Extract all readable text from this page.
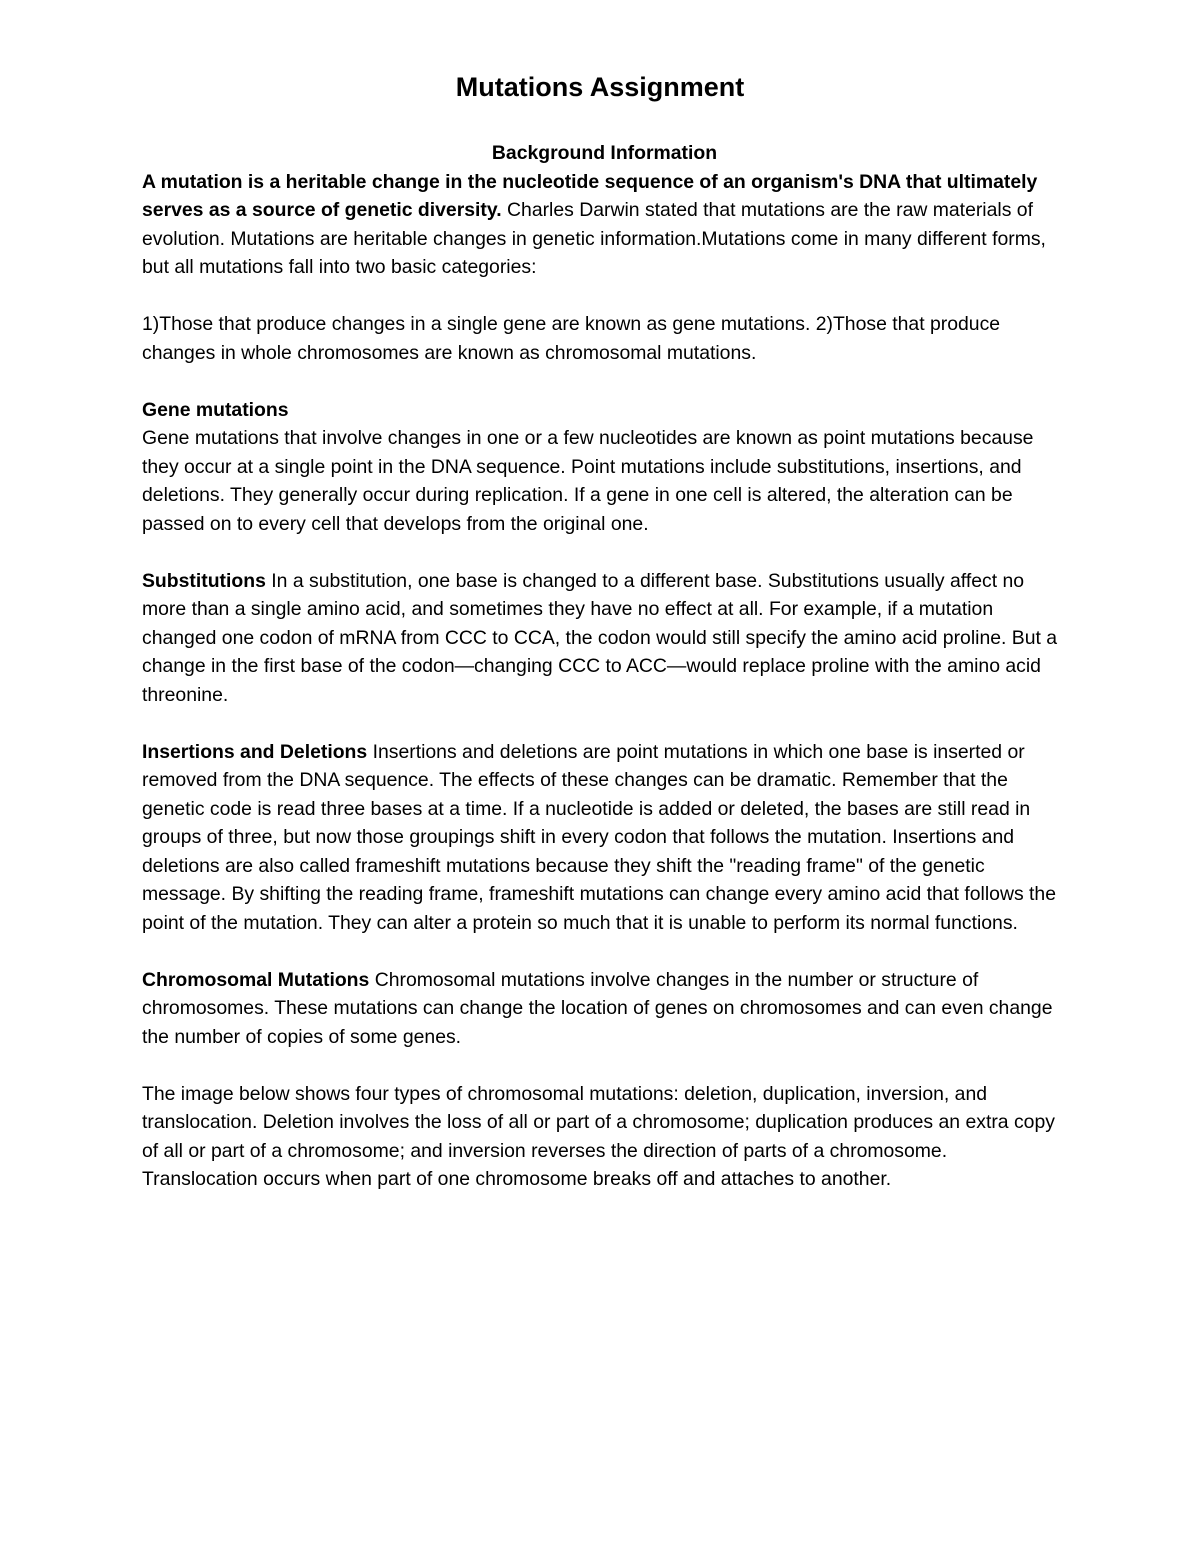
Mutations Assignment
Background Information

A mutation is a heritable change in the nucleotide sequence of an organism's DNA that ultimately serves as a source of genetic diversity. Charles Darwin stated that mutations are the raw materials of evolution. Mutations are heritable changes in genetic information.Mutations come in many different forms, but all mutations fall into two basic categories:

1)Those that produce changes in a single gene are known as gene mutations. 2)Those that produce changes in whole chromosomes are known as chromosomal mutations.

Gene mutations

Gene mutations that involve changes in one or a few nucleotides are known as point mutations because they occur at a single point in the DNA sequence. Point mutations include substitutions, insertions, and deletions. They generally occur during replication. If a gene in one cell is altered, the alteration can be passed on to every cell that develops from the original one.

Substitutions In a substitution, one base is changed to a different base. Substitutions usually affect no more than a single amino acid, and sometimes they have no effect at all. For example, if a mutation changed one codon of mRNA from CCC to CCA, the codon would still specify the amino acid proline. But a change in the first base of the codon—changing CCC to ACC—would replace proline with the amino acid threonine.

Insertions and Deletions Insertions and deletions are point mutations in which one base is inserted or removed from the DNA sequence. The effects of these changes can be dramatic. Remember that the genetic code is read three bases at a time. If a nucleotide is added or deleted, the bases are still read in groups of three, but now those groupings shift in every codon that follows the mutation. Insertions and deletions are also called frameshift mutations because they shift the "reading frame" of the genetic message. By shifting the reading frame, frameshift mutations can change every amino acid that follows the point of the mutation. They can alter a protein so much that it is unable to perform its normal functions.

Chromosomal Mutations Chromosomal mutations involve changes in the number or structure of chromosomes. These mutations can change the location of genes on chromosomes and can even change the number of copies of some genes.

The image below shows four types of chromosomal mutations: deletion, duplication, inversion, and translocation. Deletion involves the loss of all or part of a chromosome; duplication produces an extra copy of all or part of a chromosome; and inversion reverses the direction of parts of a chromosome. Translocation occurs when part of one chromosome breaks off and attaches to another.
